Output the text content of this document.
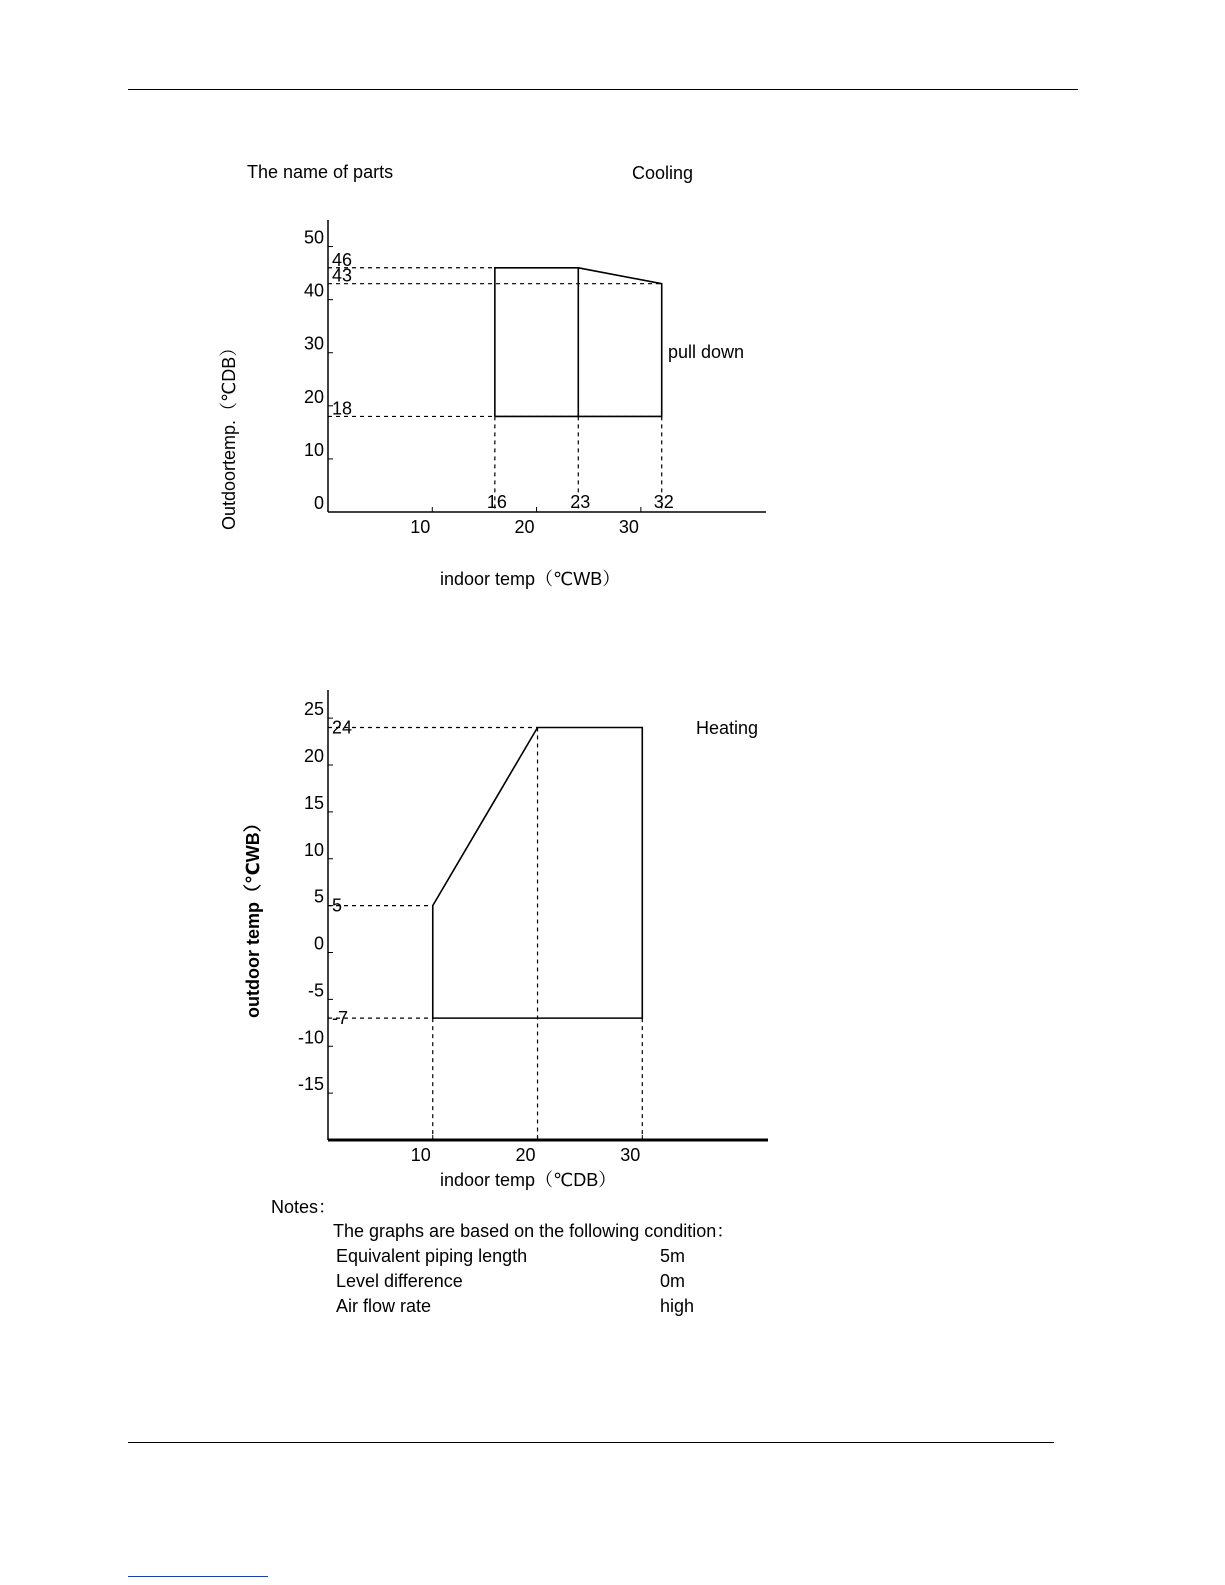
The name of parts	Cooling
Outdoortemp.（℃DB）	0
10
20
30
40
50
10	20	30
46
43
18
16	23	32
pull down
indoor temp（℃WB）
outdoor temp（℃WB）
-15
-10
-5
0
5
10
15
20
25
10	20	30
24
5
-7
Heating
indoor temp（℃DB）
Notes：
The graphs are based on the following condition：
Equivalent piping length	5m
Level difference	0m
Air flow rate	high
